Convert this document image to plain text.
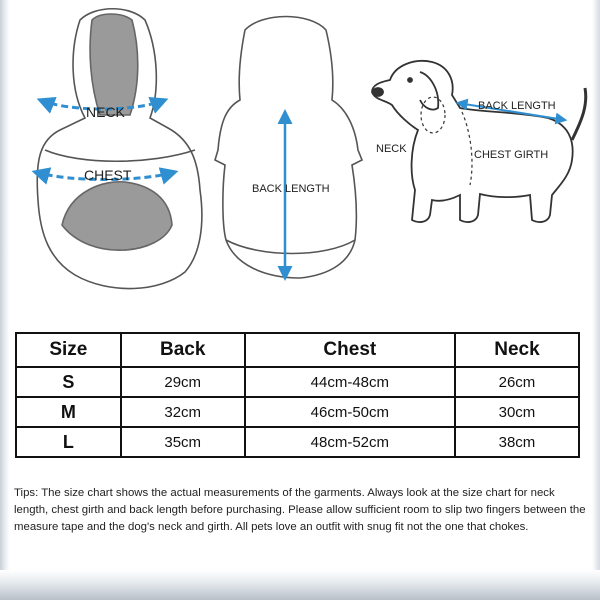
NECK
CHEST
BACK LENGTH
BACK LENGTH
NECK	CHEST GIRTH
Size	Back	Chest	Neck
S	29cm	44cm-48cm	26cm
M	32cm	46cm-50cm	30cm
L	35cm	48cm-52cm	38cm
Tips: The size chart shows the actual measurements of the garments. Always look at the size chart for neck length, chest girth and back length before purchasing. Please allow sufficient room to slip two fingers between the measure tape and the dog's neck and girth. All pets love an outfit with snug fit not the one that chokes.
